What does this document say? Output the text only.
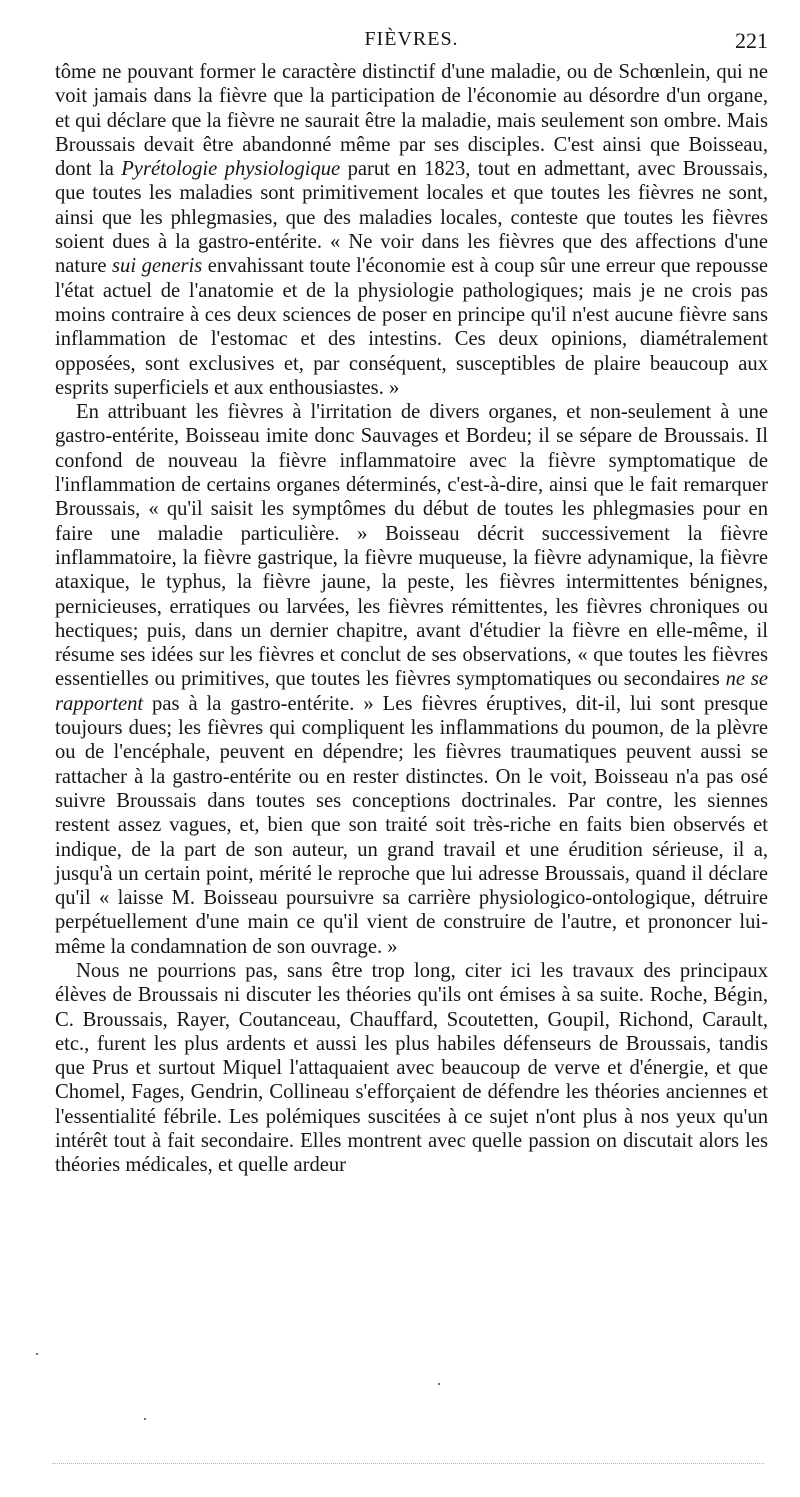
FIÈVRES.	221

tôme ne pouvant former le caractère distinctif d'une maladie, ou de Schœnlein, qui ne voit jamais dans la fièvre que la participation de l'économie au désordre d'un organe, et qui déclare que la fièvre ne saurait être la maladie, mais seulement son ombre. Mais Broussais devait être abandonné même par ses disciples. C'est ainsi que Boisseau, dont la Pyrétologie physiologique parut en 1823, tout en admettant, avec Broussais, que toutes les maladies sont primitivement locales et que toutes les fièvres ne sont, ainsi que les phlegmasies, que des maladies locales, conteste que toutes les fièvres soient dues à la gastro-entérite. « Ne voir dans les fièvres que des affections d'une nature sui generis envahissant toute l'économie est à coup sûr une erreur que repousse l'état actuel de l'anatomie et de la physiologie pathologiques; mais je ne crois pas moins contraire à ces deux sciences de poser en principe qu'il n'est aucune fièvre sans inflammation de l'estomac et des intestins. Ces deux opinions, diamétralement opposées, sont exclusives et, par conséquent, susceptibles de plaire beaucoup aux esprits superficiels et aux enthousiastes. »

En attribuant les fièvres à l'irritation de divers organes, et non-seulement à une gastro-entérite, Boisseau imite donc Sauvages et Bordeu; il se sépare de Broussais. Il confond de nouveau la fièvre inflammatoire avec la fièvre symptomatique de l'inflammation de certains organes déterminés, c'est-à-dire, ainsi que le fait remarquer Broussais, « qu'il saisit les symptômes du début de toutes les phlegmasies pour en faire une maladie particulière. » Boisseau décrit successivement la fièvre inflammatoire, la fièvre gastrique, la fièvre muqueuse, la fièvre adynamique, la fièvre ataxique, le typhus, la fièvre jaune, la peste, les fièvres intermittentes bénignes, pernicieuses, erratiques ou larvées, les fièvres rémittentes, les fièvres chroniques ou hectiques; puis, dans un dernier chapitre, avant d'étudier la fièvre en elle-même, il résume ses idées sur les fièvres et conclut de ses observations, « que toutes les fièvres essentielles ou primitives, que toutes les fièvres symptomatiques ou secondaires ne se rapportent pas à la gastro-entérite. » Les fièvres éruptives, dit-il, lui sont presque toujours dues; les fièvres qui compliquent les inflammations du poumon, de la plèvre ou de l'encéphale, peuvent en dépendre; les fièvres traumatiques peuvent aussi se rattacher à la gastro-entérite ou en rester distinctes. On le voit, Boisseau n'a pas osé suivre Broussais dans toutes ses conceptions doctrinales. Par contre, les siennes restent assez vagues, et, bien que son traité soit très-riche en faits bien observés et indique, de la part de son auteur, un grand travail et une érudition sérieuse, il a, jusqu'à un certain point, mérité le reproche que lui adresse Broussais, quand il déclare qu'il « laisse M. Boisseau poursuivre sa carrière physiologico-ontologique, détruire perpétuellement d'une main ce qu'il vient de construire de l'autre, et prononcer lui-même la condamnation de son ouvrage. »

Nous ne pourrions pas, sans être trop long, citer ici les travaux des principaux élèves de Broussais ni discuter les théories qu'ils ont émises à sa suite. Roche, Bégin, C. Broussais, Rayer, Coutanceau, Chauffard, Scoutetten, Goupil, Richond, Carault, etc., furent les plus ardents et aussi les plus habiles défenseurs de Broussais, tandis que Prus et surtout Miquel l'attaquaient avec beaucoup de verve et d'énergie, et que Chomel, Fages, Gendrin, Collineau s'efforçaient de défendre les théories anciennes et l'essentialité fébrile. Les polémiques suscitées à ce sujet n'ont plus à nos yeux qu'un intérêt tout à fait secondaire. Elles montrent avec quelle passion on discutait alors les théories médicales, et quelle ardeur
